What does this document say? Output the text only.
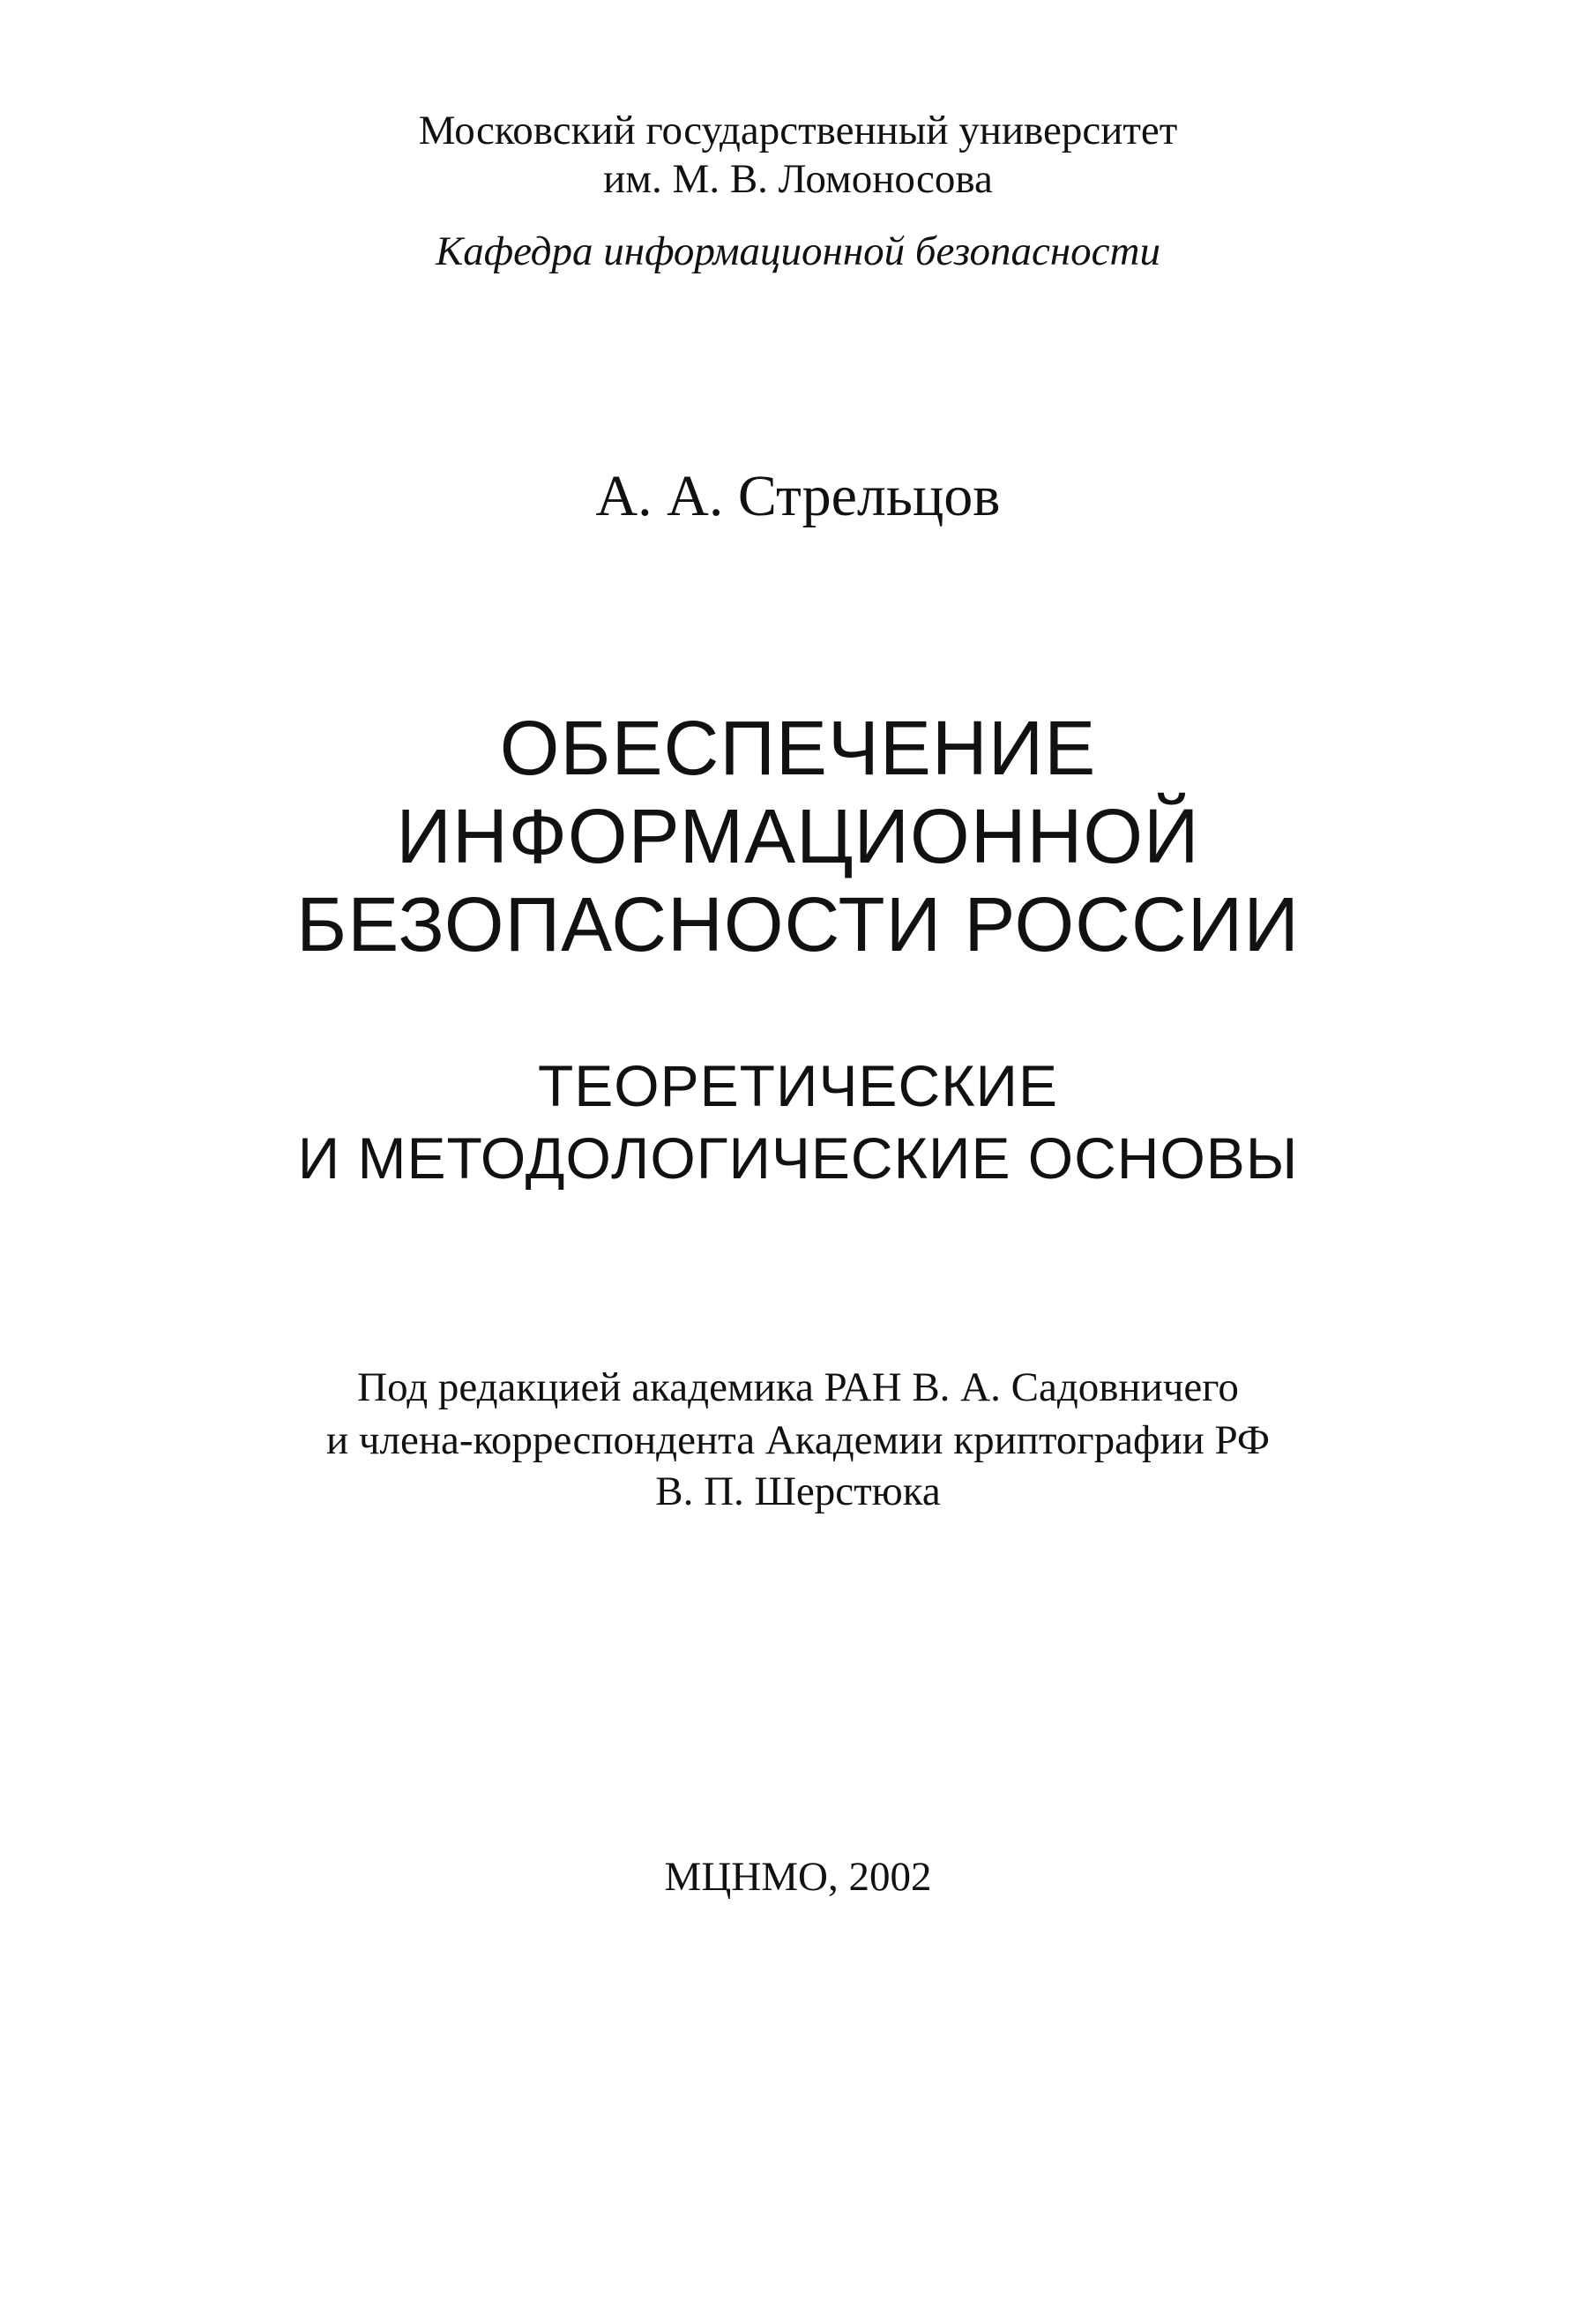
Московский государственный университет
им. М. В. Ломоносова
Кафедра информационной безопасности
А. А. Стрельцов
ОБЕСПЕЧЕНИЕ
ИНФОРМАЦИОННОЙ
БЕЗОПАСНОСТИ РОССИИ
ТЕОРЕТИЧЕСКИЕ
И МЕТОДОЛОГИЧЕСКИЕ ОСНОВЫ
Под редакцией академика РАН В. А. Садовничего
и члена-корреспондента Академии криптографии РФ
В. П. Шерстюка
МЦНМО, 2002
